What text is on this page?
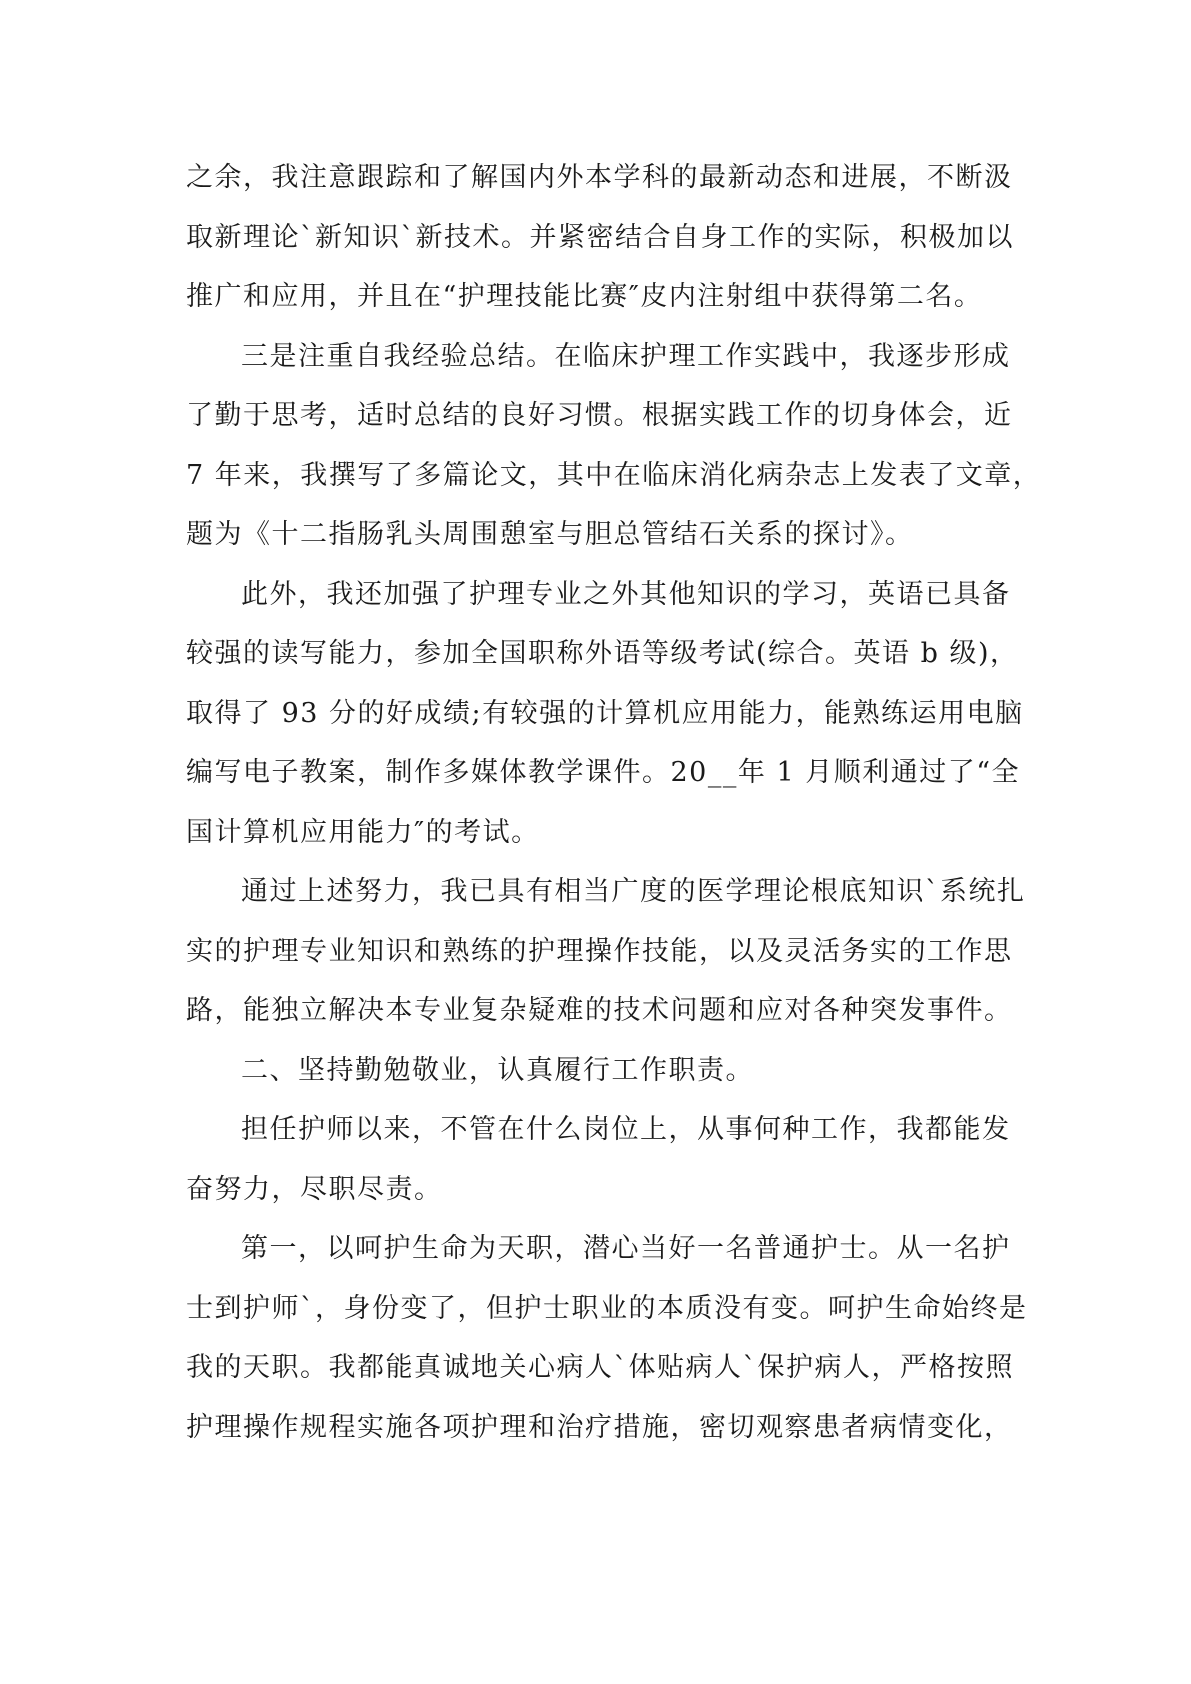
之余，我注意跟踪和了解国内外本学科的最新动态和进展，不断汲
取新理论`新知识`新技术。并紧密结合自身工作的实际，积极加以
推广和应用，并且在“护理技能比赛″皮内注射组中获得第二名。
三是注重自我经验总结。在临床护理工作实践中，我逐步形成
了勤于思考，适时总结的良好习惯。根据实践工作的切身体会，近
7 年来，我撰写了多篇论文，其中在临床消化病杂志上发表了文章，
题为《十二指肠乳头周围憩室与胆总管结石关系的探讨》。
此外，我还加强了护理专业之外其他知识的学习，英语已具备
较强的读写能力，参加全国职称外语等级考试(综合。英语 b 级)，
取得了 93 分的好成绩;有较强的计算机应用能力，能熟练运用电脑
编写电子教案，制作多媒体教学课件。20__年 1 月顺利通过了“全
国计算机应用能力″的考试。
通过上述努力，我已具有相当广度的医学理论根底知识`系统扎
实的护理专业知识和熟练的护理操作技能，以及灵活务实的工作思
路，能独立解决本专业复杂疑难的技术问题和应对各种突发事件。
二、坚持勤勉敬业，认真履行工作职责。
担任护师以来，不管在什么岗位上，从事何种工作，我都能发
奋努力，尽职尽责。
第一，以呵护生命为天职，潜心当好一名普通护士。从一名护
士到护师`，身份变了，但护士职业的本质没有变。呵护生命始终是
我的天职。我都能真诚地关心病人`体贴病人`保护病人，严格按照
护理操作规程实施各项护理和治疗措施，密切观察患者病情变化，
